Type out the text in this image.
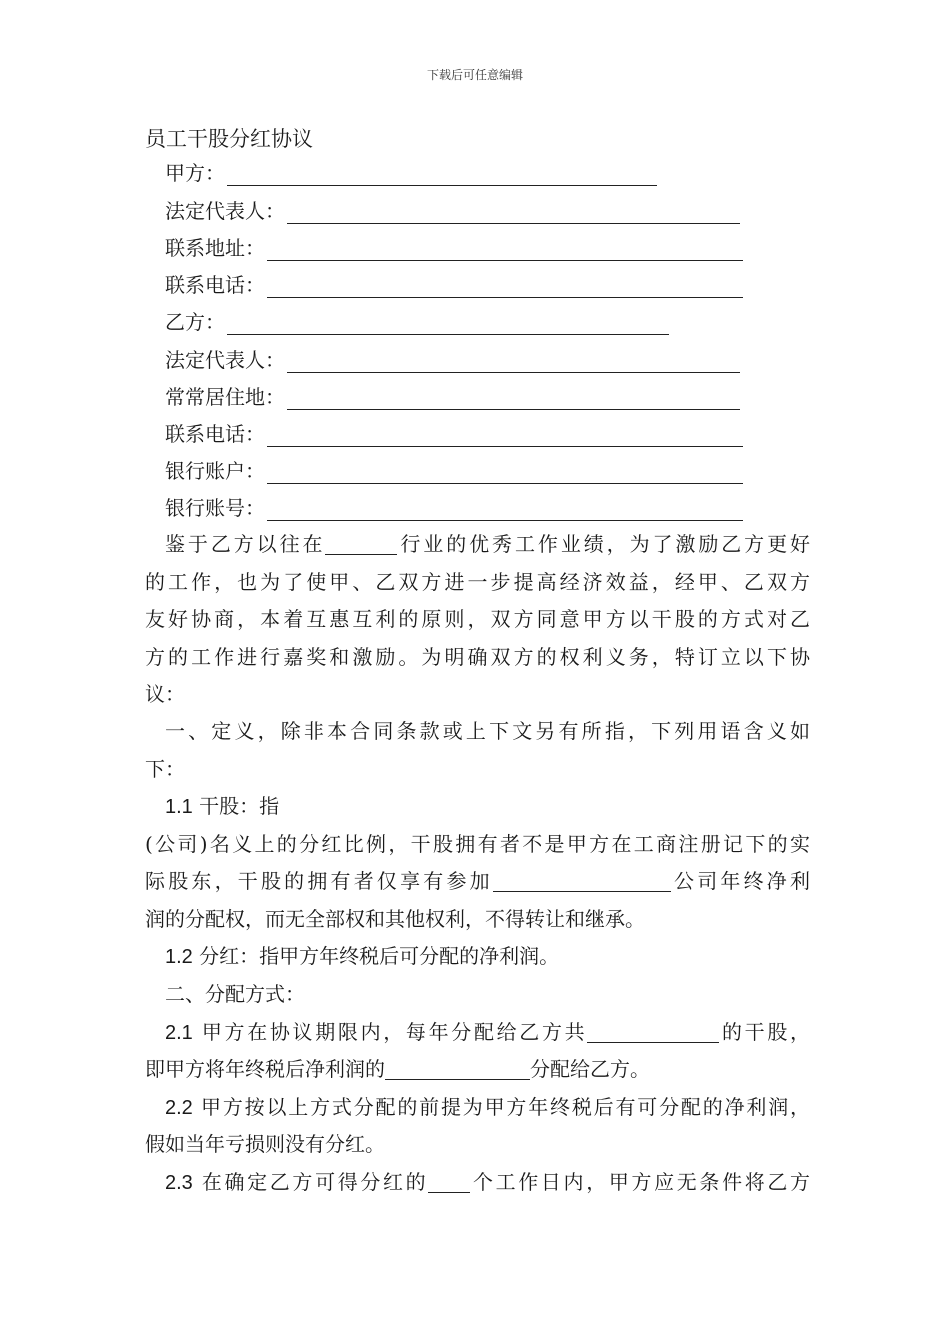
下载后可任意编辑
员工干股分红协议
甲方：
法定代表人：
联系地址：
联系电话：
乙方：
法定代表人：
常常居住地：
联系电话：
银行账户：
银行账号：
鉴于乙方以往在	行业的优秀工作业绩，为了激励乙方更好
的工作，也为了使甲、乙双方进一步提高经济效益，经甲、乙双方
友好协商，本着互惠互利的原则，双方同意甲方以干股的方式对乙
方的工作进行嘉奖和激励。为明确双方的权利义务，特订立以下协
议：
一、定义，除非本合同条款或上下文另有所指，下列用语含义如
下：
1.1 干股：指
(公司)名义上的分红比例，干股拥有者不是甲方在工商注册记下的实
际股东，干股的拥有者仅享有参加	公司年终净利
润的分配权，而无全部权和其他权利，不得转让和继承。
1.2 分红：指甲方年终税后可分配的净利润。
二、分配方式：
2.1 甲方在协议期限内，每年分配给乙方共	的干股，
即甲方将年终税后净利润的	分配给乙方。
2.2 甲方按以上方式分配的前提为甲方年终税后有可分配的净利润，
假如当年亏损则没有分红。
2.3 在确定乙方可得分红的 个工作日内，甲方应无条件将乙方
